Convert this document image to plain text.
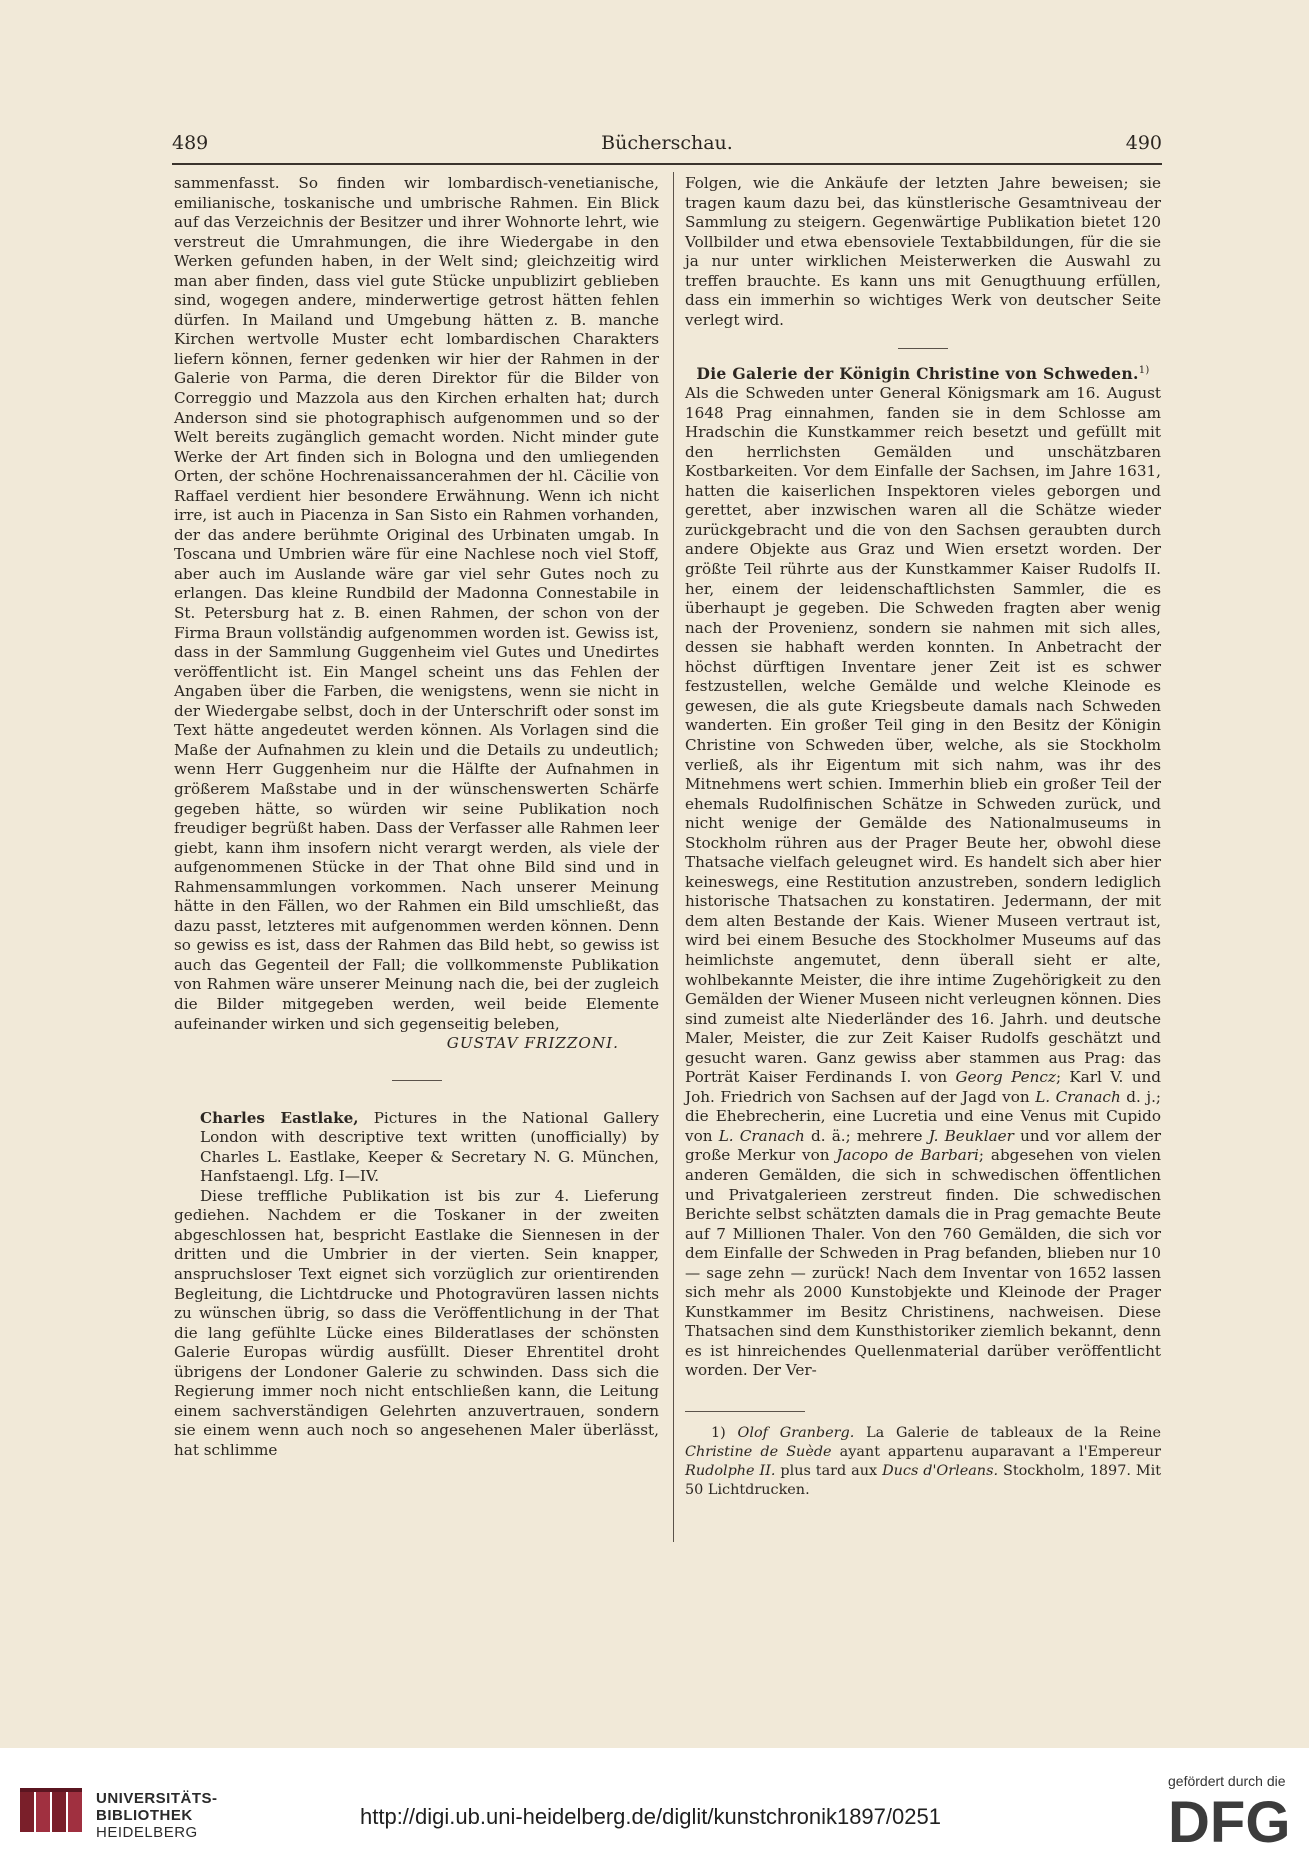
489	Bücherschau.	490

sammenfasst. So finden wir lombardisch-venetianische, emilianische, toskanische und umbrische Rahmen. Ein Blick auf das Verzeichnis der Besitzer und ihrer Wohnorte lehrt, wie verstreut die Umrahmungen, die ihre Wiedergabe in den Werken gefunden haben, in der Welt sind; gleichzeitig wird man aber finden, dass viel gute Stücke unpublizirt geblieben sind, wogegen andere, minderwertige getrost hätten fehlen dürfen. In Mailand und Umgebung hätten z. B. manche Kirchen wertvolle Muster echt lombardischen Charakters liefern können, ferner gedenken wir hier der Rahmen in der Galerie von Parma, die deren Direktor für die Bilder von Correggio und Mazzola aus den Kirchen erhalten hat; durch Anderson sind sie photographisch aufgenommen und so der Welt bereits zugänglich gemacht worden. Nicht minder gute Werke der Art finden sich in Bologna und den umliegenden Orten, der schöne Hochrenaissancerahmen der hl. Cäcilie von Raffael verdient hier besondere Erwähnung. Wenn ich nicht irre, ist auch in Piacenza in San Sisto ein Rahmen vorhanden, der das andere berühmte Original des Urbinaten umgab. In Toscana und Umbrien wäre für eine Nachlese noch viel Stoff, aber auch im Auslande wäre gar viel sehr Gutes noch zu erlangen. Das kleine Rundbild der Madonna Connestabile in St. Petersburg hat z. B. einen Rahmen, der schon von der Firma Braun vollständig aufgenommen worden ist. Gewiss ist, dass in der Sammlung Guggenheim viel Gutes und Unedirtes veröffentlicht ist. Ein Mangel scheint uns das Fehlen der Angaben über die Farben, die wenigstens, wenn sie nicht in der Wiedergabe selbst, doch in der Unterschrift oder sonst im Text hätte angedeutet werden können. Als Vorlagen sind die Maße der Aufnahmen zu klein und die Details zu undeutlich; wenn Herr Guggenheim nur die Hälfte der Aufnahmen in größerem Maßstabe und in der wünschenswerten Schärfe gegeben hätte, so würden wir seine Publikation noch freudiger begrüßt haben. Dass der Verfasser alle Rahmen leer giebt, kann ihm insofern nicht verargt werden, als viele der aufgenommenen Stücke in der That ohne Bild sind und in Rahmensammlungen vorkommen. Nach unserer Meinung hätte in den Fällen, wo der Rahmen ein Bild umschließt, das dazu passt, letzteres mit aufgenommen werden können. Denn so gewiss es ist, dass der Rahmen das Bild hebt, so gewiss ist auch das Gegenteil der Fall; die vollkommenste Publikation von Rahmen wäre unserer Meinung nach die, bei der zugleich die Bilder mitgegeben werden, weil beide Elemente aufeinander wirken und sich gegenseitig beleben,

GUSTAV FRIZZONI.

Charles Eastlake, Pictures in the National Gallery London with descriptive text written (unofficially) by Charles L. Eastlake, Keeper & Secretary N. G. München, Hanfstaengl. Lfg. I—IV.

Diese treffliche Publikation ist bis zur 4. Lieferung gediehen. Nachdem er die Toskaner in der zweiten abgeschlossen hat, bespricht Eastlake die Siennesen in der dritten und die Umbrier in der vierten. Sein knapper, anspruchsloser Text eignet sich vorzüglich zur orientirenden Begleitung, die Lichtdrucke und Photogravüren lassen nichts zu wünschen übrig, so dass die Veröffentlichung in der That die lang gefühlte Lücke eines Bilderatlases der schönsten Galerie Europas würdig ausfüllt. Dieser Ehrentitel droht übrigens der Londoner Galerie zu schwinden. Dass sich die Regierung immer noch nicht entschließen kann, die Leitung einem sachverständigen Gelehrten anzuvertrauen, sondern sie einem wenn auch noch so angesehenen Maler überlässt, hat schlimme

Folgen, wie die Ankäufe der letzten Jahre beweisen; sie tragen kaum dazu bei, das künstlerische Gesamtniveau der Sammlung zu steigern. Gegenwärtige Publikation bietet 120 Vollbilder und etwa ebensoviele Textabbildungen, für die sie ja nur unter wirklichen Meisterwerken die Auswahl zu treffen brauchte. Es kann uns mit Genugthuung erfüllen, dass ein immerhin so wichtiges Werk von deutscher Seite verlegt wird.

Die Galerie der Königin Christine von Schweden.$^{1)}$

Als die Schweden unter General Königsmark am 16. August 1648 Prag einnahmen, fanden sie in dem Schlosse am Hradschin die Kunstkammer reich besetzt und gefüllt mit den herrlichsten Gemälden und unschätzbaren Kostbarkeiten. Vor dem Einfalle der Sachsen, im Jahre 1631, hatten die kaiserlichen Inspektoren vieles geborgen und gerettet, aber inzwischen waren all die Schätze wieder zurückgebracht und die von den Sachsen geraubten durch andere Objekte aus Graz und Wien ersetzt worden. Der größte Teil rührte aus der Kunstkammer Kaiser Rudolfs II. her, einem der leidenschaftlichsten Sammler, die es überhaupt je gegeben. Die Schweden fragten aber wenig nach der Provenienz, sondern sie nahmen mit sich alles, dessen sie habhaft werden konnten. In Anbetracht der höchst dürftigen Inventare jener Zeit ist es schwer festzustellen, welche Gemälde und welche Kleinode es gewesen, die als gute Kriegsbeute damals nach Schweden wanderten. Ein großer Teil ging in den Besitz der Königin Christine von Schweden über, welche, als sie Stockholm verließ, als ihr Eigentum mit sich nahm, was ihr des Mitnehmens wert schien. Immerhin blieb ein großer Teil der ehemals Rudolfinischen Schätze in Schweden zurück, und nicht wenige der Gemälde des Nationalmuseums in Stockholm rühren aus der Prager Beute her, obwohl diese Thatsache vielfach geleugnet wird. Es handelt sich aber hier keineswegs, eine Restitution anzustreben, sondern lediglich historische Thatsachen zu konstatiren. Jedermann, der mit dem alten Bestande der Kais. Wiener Museen vertraut ist, wird bei einem Besuche des Stockholmer Museums auf das heimlichste angemutet, denn überall sieht er alte, wohlbekannte Meister, die ihre intime Zugehörigkeit zu den Gemälden der Wiener Museen nicht verleugnen können. Dies sind zumeist alte Niederländer des 16. Jahrh. und deutsche Maler, Meister, die zur Zeit Kaiser Rudolfs geschätzt und gesucht waren. Ganz gewiss aber stammen aus Prag: das Porträt Kaiser Ferdinands I. von Georg Pencz; Karl V. und Joh. Friedrich von Sachsen auf der Jagd von L. Cranach d. j.; die Ehebrecherin, eine Lucretia und eine Venus mit Cupido von L. Cranach d. ä.; mehrere J. Beuklaer und vor allem der große Merkur von Jacopo de Barbari; abgesehen von vielen anderen Gemälden, die sich in schwedischen öffentlichen und Privatgalerieen zerstreut finden. Die schwedischen Berichte selbst schätzten damals die in Prag gemachte Beute auf 7 Millionen Thaler. Von den 760 Gemälden, die sich vor dem Einfalle der Schweden in Prag befanden, blieben nur 10 — sage zehn — zurück! Nach dem Inventar von 1652 lassen sich mehr als 2000 Kunstobjekte und Kleinode der Prager Kunstkammer im Besitz Christinens, nachweisen. Diese Thatsachen sind dem Kunsthistoriker ziemlich bekannt, denn es ist hinreichendes Quellenmaterial darüber veröffentlicht worden. Der Ver-

1) Olof Granberg. La Galerie de tableaux de la Reine Christine de Suède ayant appartenu auparavant a l'Empereur Rudolphe II. plus tard aux Ducs d'Orleans. Stockholm, 1897. Mit 50 Lichtdrucken.

UNIVERSITÄTS-
BIBLIOTHEK
HEIDELBERG
http://digi.ub.uni-heidelberg.de/diglit/kunstchronik1897/0251
gefördert durch die
DFG
